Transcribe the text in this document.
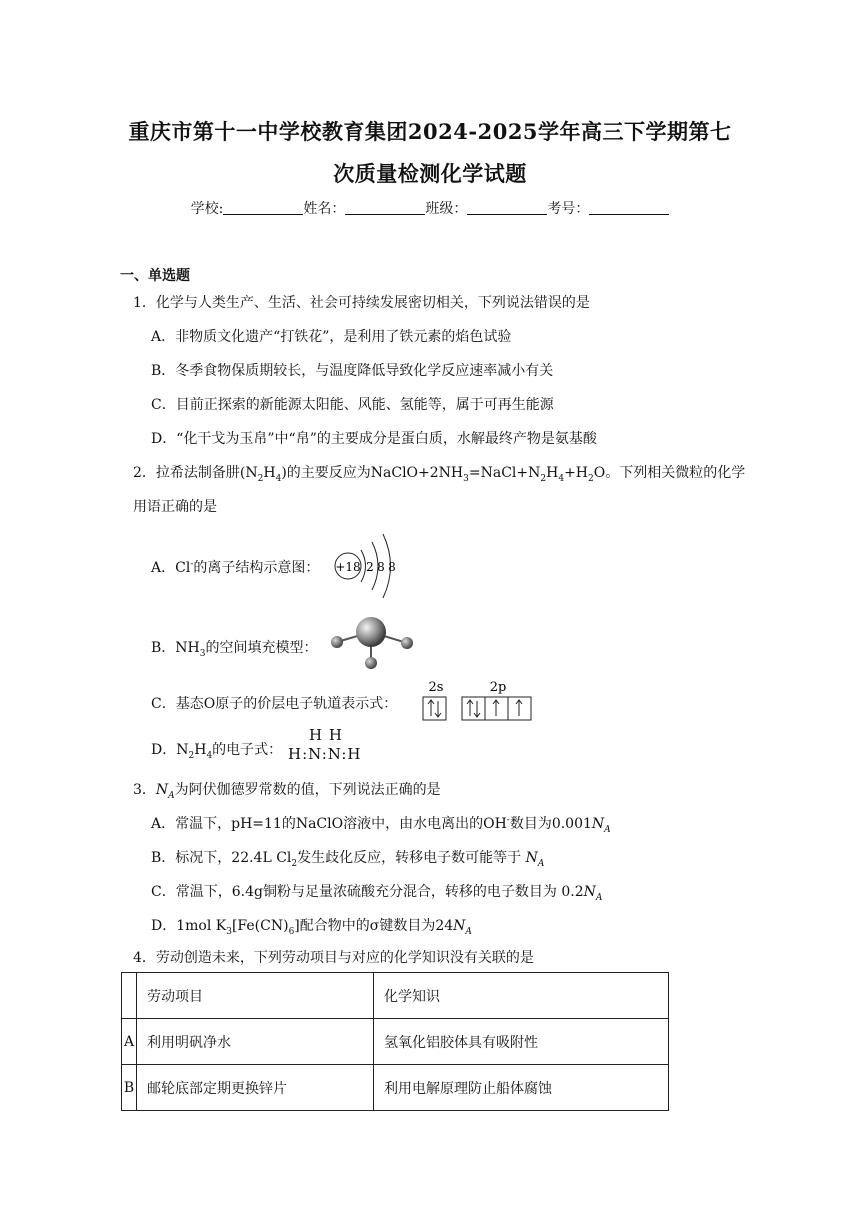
重庆市第十一中学校教育集团2024-2025学年高三下学期第七
次质量检测化学试题
学校:	姓名：	班级：	考号：
一、单选题
1．化学与人类生产、生活、社会可持续发展密切相关，下列说法错误的是
A．非物质文化遗产“打铁花”，是利用了铁元素的焰色试验
B．冬季食物保质期较长，与温度降低导致化学反应速率减小有关
C．目前正探索的新能源太阳能、风能、氢能等，属于可再生能源
D．“化干戈为玉帛”中“帛”的主要成分是蛋白质，水解最终产物是氨基酸
2．拉希法制备肼$(N_2H_4)$的主要反应为$NaClO+2NH_3=NaCl+N_2H_4+H_2O$。下列相关微粒的化学
用语正确的是
A．Cl-的离子结构示意图： +18 2 8 8
B．$NH_3$的空间填充模型：
C．基态O原子的价层电子轨道表示式：
2s	2p
D．$N_2H_4$的电子式：
H H
H:N:N:H
3．$N_A$为阿伏伽德罗常数的值，下列说法正确的是
A．常温下，pH=11的NaClO溶液中，由水电离出的OH-数目为$0.001N_A$
B．标况下，22.4L $Cl_2$发生歧化反应，转移电子数可能等于 $N_A$
C．常温下，6.4g铜粉与足量浓硫酸充分混合，转移的电子数目为 $0.2N_A$
D．1mol $K_3[Fe(CN)_6]$配合物中的σ键数目为$24N_A$
4．劳动创造未来，下列劳动项目与对应的化学知识没有关联的是
	劳动项目	化学知识
A	利用明矾净水	氢氧化铝胶体具有吸附性
B	邮轮底部定期更换锌片	利用电解原理防止船体腐蚀
